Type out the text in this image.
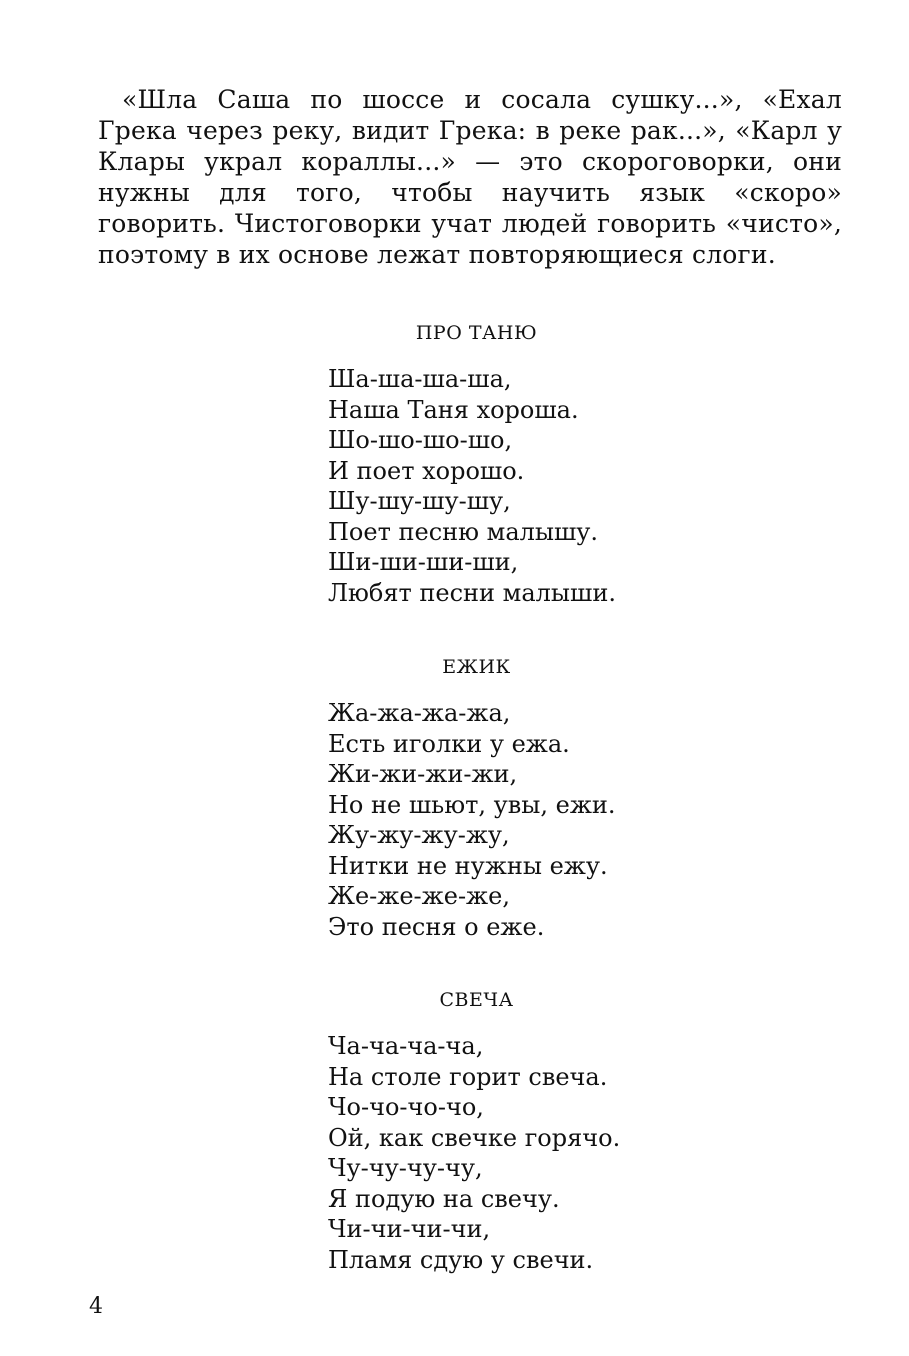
«Шла Саша по шоссе и сосала сушку...», «Ехал Грека через реку, видит Грека: в реке рак...», «Карл у Клары украл кораллы...» — это скороговорки, они нужны для того, чтобы научить язык «скоро» говорить. Чистоговорки учат людей говорить «чисто», поэтому в их основе лежат повторяющиеся слоги.

ПРО ТАНЮ
Ша-ша-ша-ша,
Наша Таня хороша.
Шо-шо-шо-шо,
И поет хорошо.
Шу-шу-шу-шу,
Поет песню малышу.
Ши-ши-ши-ши,
Любят песни малыши.
ЕЖИК
Жа-жа-жа-жа,
Есть иголки у ежа.
Жи-жи-жи-жи,
Но не шьют, увы, ежи.
Жу-жу-жу-жу,
Нитки не нужны ежу.
Же-же-же-же,
Это песня о еже.
СВЕЧА
Ча-ча-ча-ча,
На столе горит свеча.
Чо-чо-чо-чо,
Ой, как свечке горячо.
Чу-чу-чу-чу,
Я подую на свечу.
Чи-чи-чи-чи,
Пламя сдую у свечи.
4
